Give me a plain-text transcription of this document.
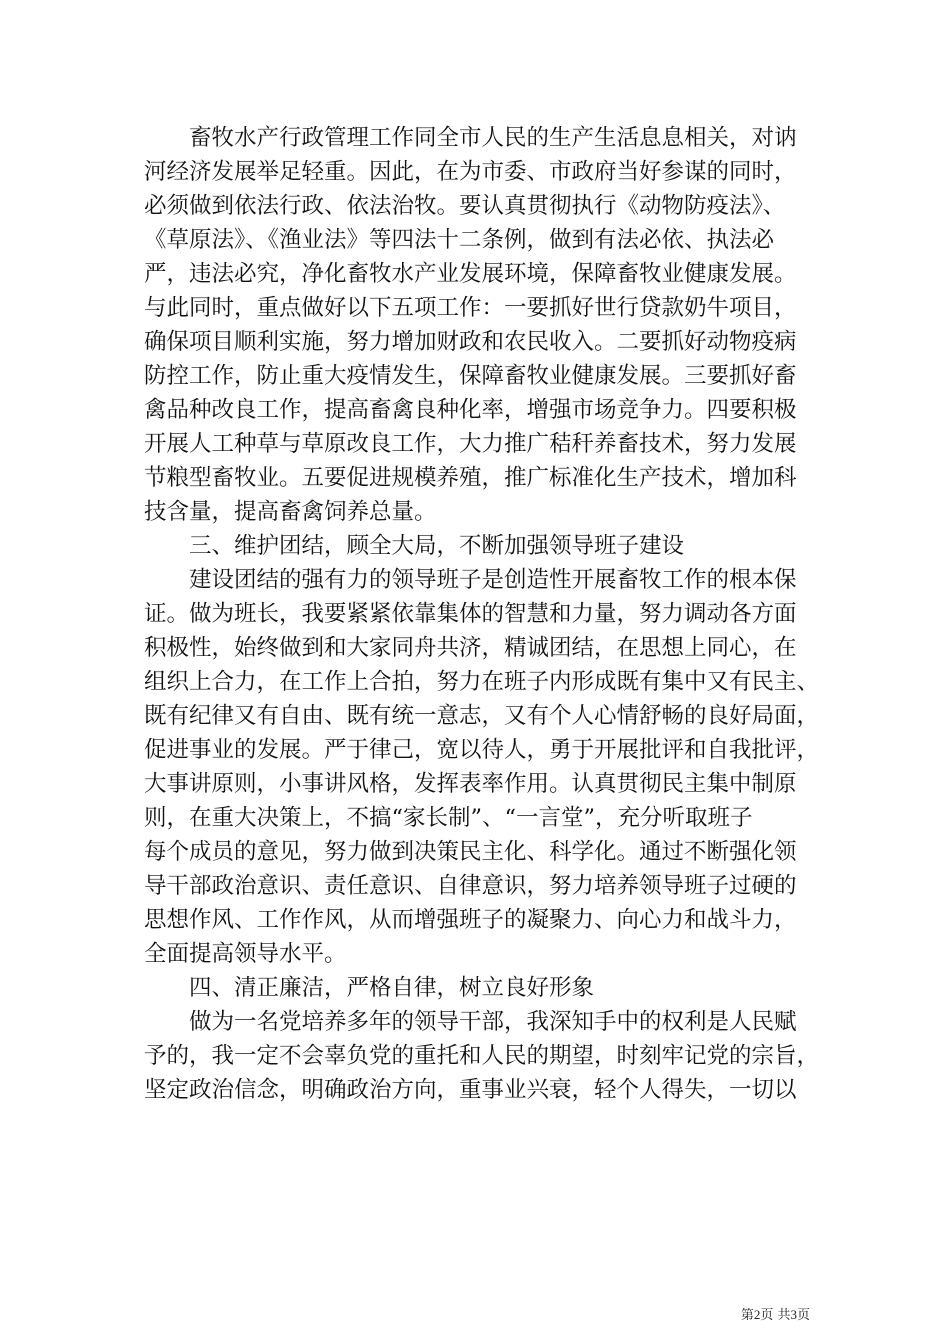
　　畜牧水产行政管理工作同全市人民的生产生活息息相关，对讷
河经济发展举足轻重。因此，在为市委、市政府当好参谋的同时，
必须做到依法行政、依法治牧。要认真贯彻执行《动物防疫法》、
《草原法》、《渔业法》等四法十二条例，做到有法必依、执法必
严，违法必究，净化畜牧水产业发展环境，保障畜牧业健康发展。
与此同时，重点做好以下五项工作：一要抓好世行贷款奶牛项目，
确保项目顺利实施，努力增加财政和农民收入。二要抓好动物疫病
防控工作，防止重大疫情发生，保障畜牧业健康发展。三要抓好畜
禽品种改良工作，提高畜禽良种化率，增强市场竞争力。四要积极
开展人工种草与草原改良工作，大力推广秸秆养畜技术，努力发展
节粮型畜牧业。五要促进规模养殖，推广标准化生产技术，增加科
技含量，提高畜禽饲养总量。
　　三、维护团结，顾全大局，不断加强领导班子建设
　　建设团结的强有力的领导班子是创造性开展畜牧工作的根本保
证。做为班长，我要紧紧依靠集体的智慧和力量，努力调动各方面
积极性，始终做到和大家同舟共济，精诚团结，在思想上同心，在
组织上合力，在工作上合拍，努力在班子内形成既有集中又有民主、
既有纪律又有自由、既有统一意志，又有个人心情舒畅的良好局面，
促进事业的发展。严于律己，宽以待人，勇于开展批评和自我批评，
大事讲原则，小事讲风格，发挥表率作用。认真贯彻民主集中制原
则，在重大决策上，不搞“家长制”、“一言堂”，充分听取班子
每个成员的意见，努力做到决策民主化、科学化。通过不断强化领
导干部政治意识、责任意识、自律意识，努力培养领导班子过硬的
思想作风、工作作风，从而增强班子的凝聚力、向心力和战斗力，
全面提高领导水平。
　　四、清正廉洁，严格自律，树立良好形象
　　做为一名党培养多年的领导干部，我深知手中的权利是人民赋
予的，我一定不会辜负党的重托和人民的期望，时刻牢记党的宗旨，
坚定政治信念，明确政治方向，重事业兴衰，轻个人得失，一切以
第2页 共3页
